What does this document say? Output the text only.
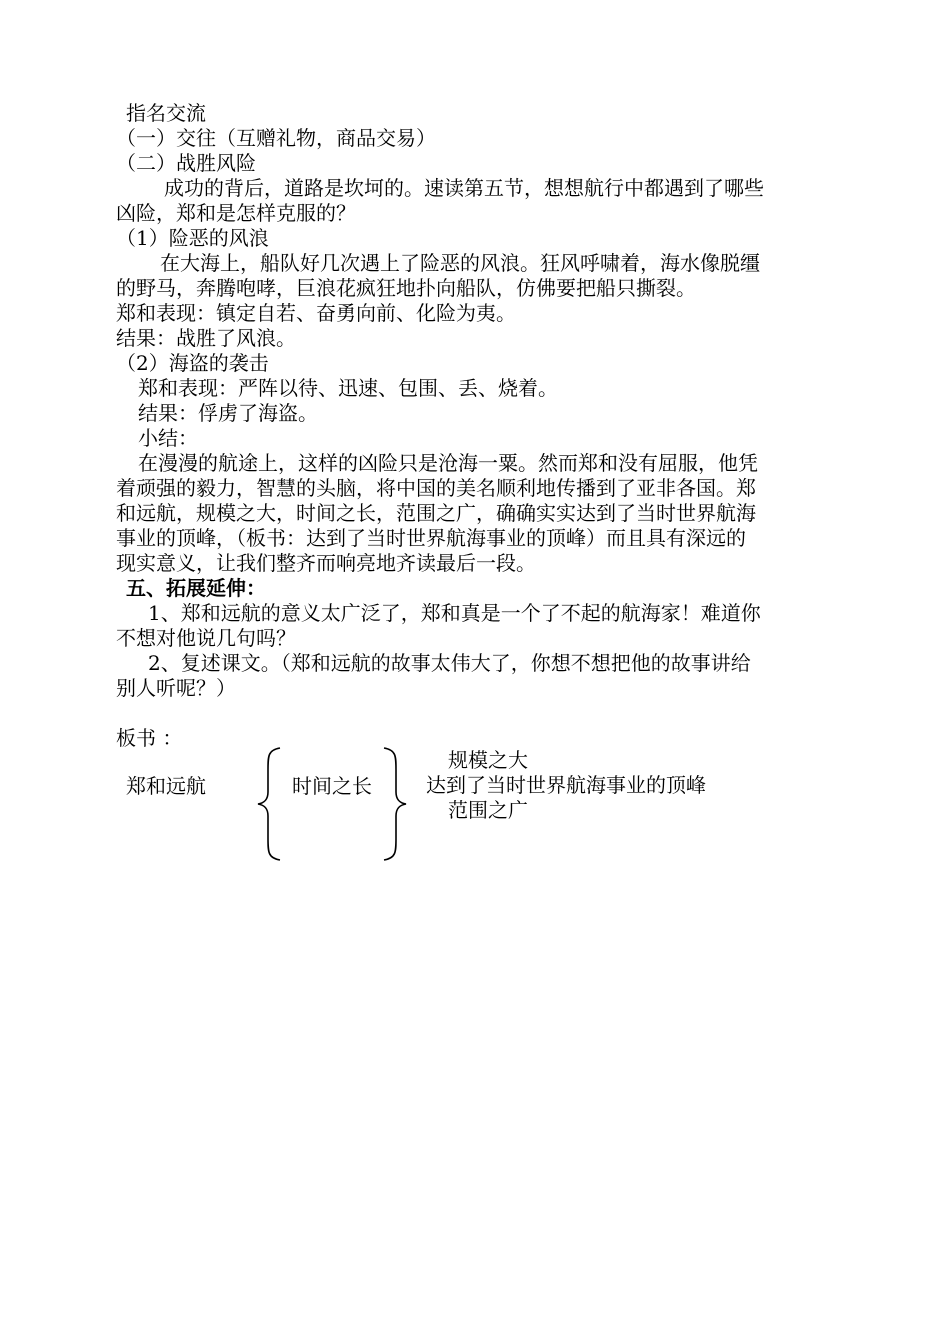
指名交流
（一）交往（互赠礼物，商品交易）
（二）战胜风险
成功的背后，道路是坎坷的。速读第五节，想想航行中都遇到了哪些
凶险，郑和是怎样克服的？
（1）险恶的风浪
在大海上，船队好几次遇上了险恶的风浪。狂风呼啸着，海水像脱缰
的野马，奔腾咆哮，巨浪花疯狂地扑向船队，仿佛要把船只撕裂。
郑和表现：镇定自若、奋勇向前、化险为夷。
结果：战胜了风浪。
（2）海盗的袭击
郑和表现：严阵以待、迅速、包围、丢、烧着。
结果：俘虏了海盗。
小结：
在漫漫的航途上，这样的凶险只是沧海一粟。然而郑和没有屈服，他凭
着顽强的毅力，智慧的头脑，将中国的美名顺利地传播到了亚非各国。郑
和远航，规模之大，时间之长，范围之广，确确实实达到了当时世界航海
事业的顶峰，（板书：达到了当时世界航海事业的顶峰）而且具有深远的
现实意义，让我们整齐而响亮地齐读最后一段。
五、拓展延伸：
1、郑和远航的意义太广泛了，郑和真是一个了不起的航海家！难道你
不想对他说几句吗？
2、复述课文。（郑和远航的故事太伟大了，你想不想把他的故事讲给
别人听呢？）
板书 ：
郑和远航	时间之长
规模之大
达到了当时世界航海事业的顶峰
范围之广
